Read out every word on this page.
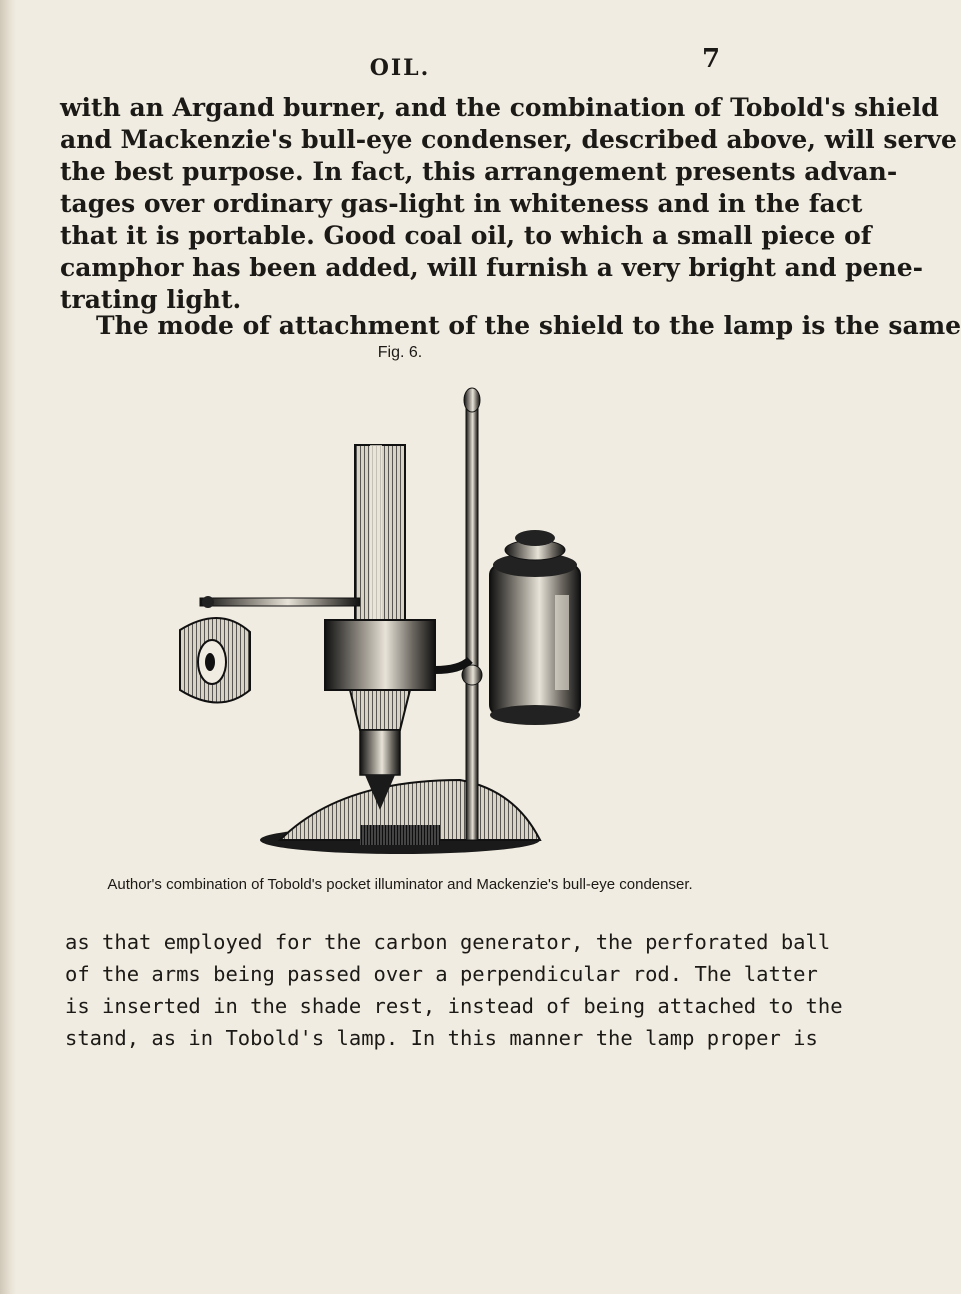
OIL.	7

with an Argand burner, and the combination of Tobold's shield

and Mackenzie's bull-eye condenser, described above, will serve

the best purpose. In fact, this arrangement presents advan-

tages over ordinary gas-light in whiteness and in the fact

that it is portable. Good coal oil, to which a small piece of

camphor has been added, will furnish a very bright and pene-

trating light.

The mode of attachment of the shield to the lamp is the same

Fig. 6.
Author's combination of Tobold's pocket illuminator and Mackenzie's bull-eye condenser.

as that employed for the carbon generator, the perforated ball

of the arms being passed over a perpendicular rod. The latter

is inserted in the shade rest, instead of being attached to the

stand, as in Tobold's lamp. In this manner the lamp proper is
